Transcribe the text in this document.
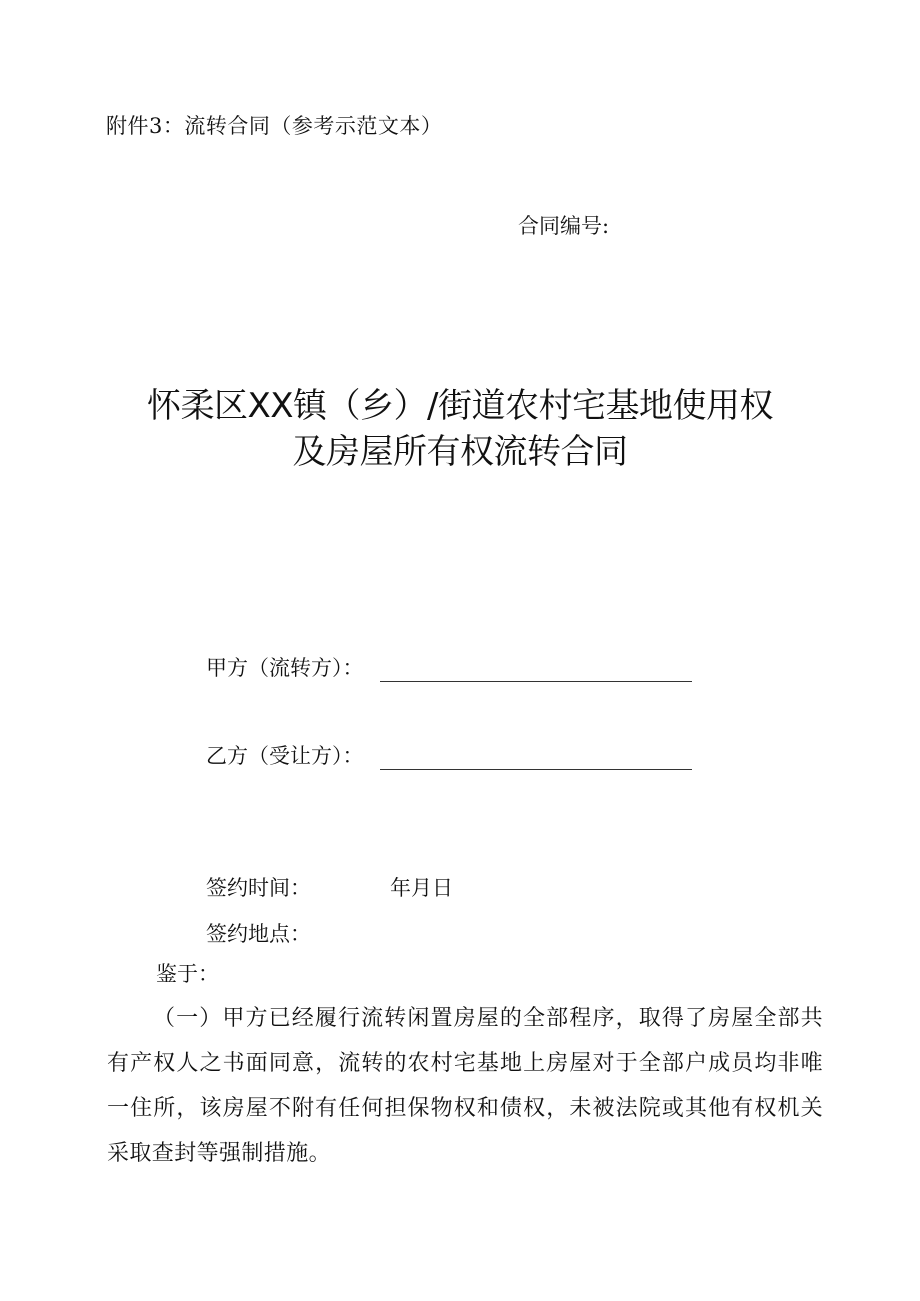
附件3：流转合同（参考示范文本）
合同编号:
怀柔区XX镇（乡）/街道农村宅基地使用权
及房屋所有权流转合同
甲方（流转方）：
乙方（受让方）：
签约时间：	年月日
签约地点：
鉴于：
（一）甲方已经履行流转闲置房屋的全部程序，取得了房屋全部共有产权人之书面同意，流转的农村宅基地上房屋对于全部户成员均非唯一住所，该房屋不附有任何担保物权和债权，未被法院或其他有权机关采取查封等强制措施。
